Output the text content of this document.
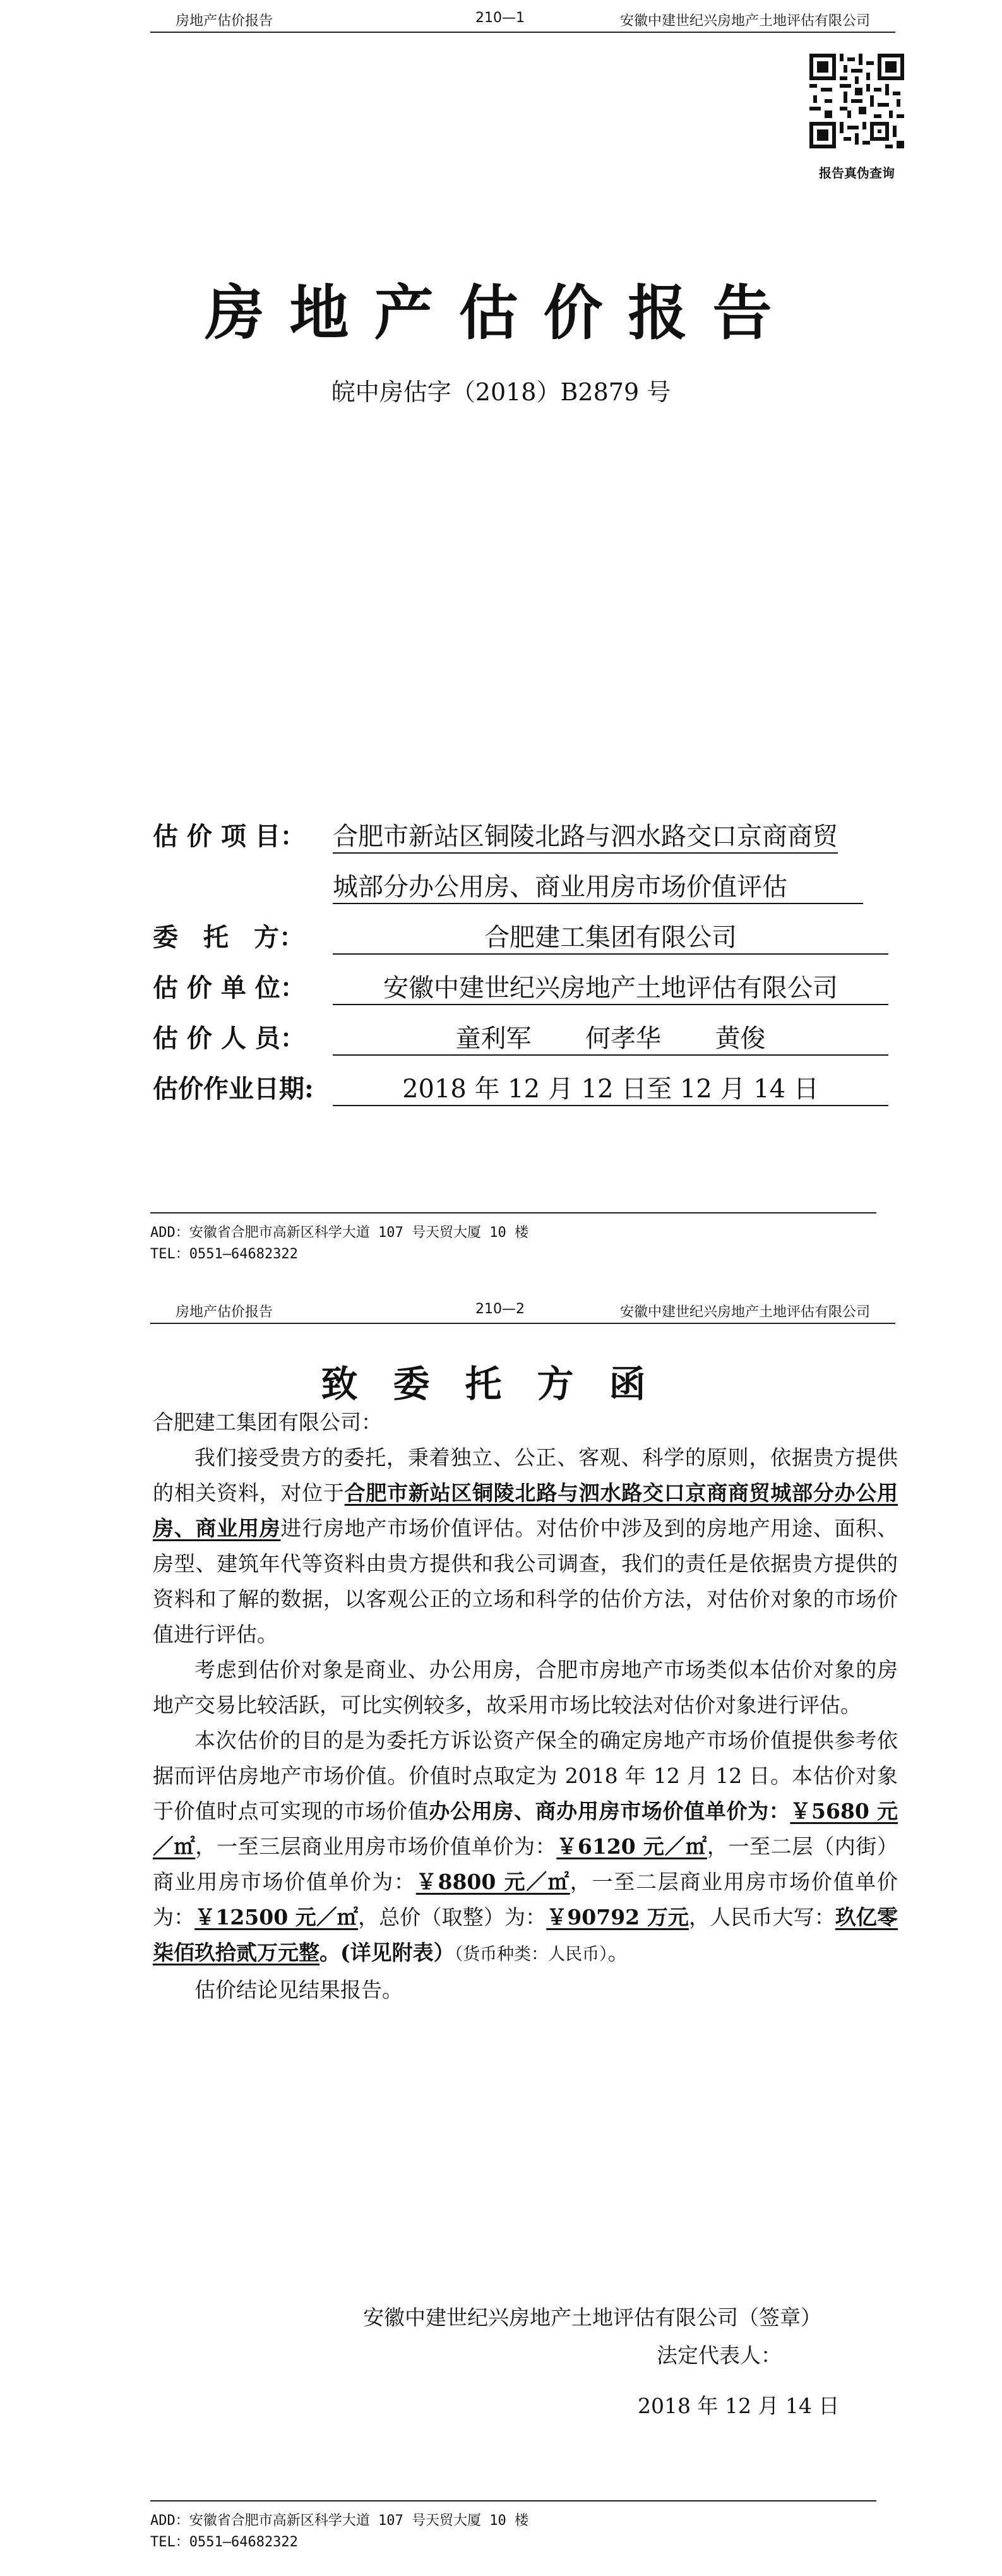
房地产估价报告	210—1	安徽中建世纪兴房地产土地评估有限公司
报告真伪查询
房地产估价报告
皖中房估字（2018）B2879 号
估 价 项 目： 合肥市新站区铜陵北路与泗水路交口京商商贸
城部分办公用房、商业用房市场价值评估
委　托　方：	合肥建工集团有限公司
估 价 单 位：	安徽中建世纪兴房地产土地评估有限公司
估 价 人 员：	童利军 何孝华 黄俊
估价作业日期:	2018 年 12 月 12 日至 12 月 14 日
ADD：安徽省合肥市高新区科学大道 107 号天贸大厦 10 楼
TEL：0551—64682322
房地产估价报告	210—2	安徽中建世纪兴房地产土地评估有限公司
致委托方函

合肥建工集团有限公司：

我们接受贵方的委托，秉着独立、公正、客观、科学的原则，依据贵方提供的相关资料，对位于合肥市新站区铜陵北路与泗水路交口京商商贸城部分办公用房、商业用房进行房地产市场价值评估。对估价中涉及到的房地产用途、面积、房型、建筑年代等资料由贵方提供和我公司调查，我们的责任是依据贵方提供的资料和了解的数据，以客观公正的立场和科学的估价方法，对估价对象的市场价值进行评估。

考虑到估价对象是商业、办公用房，合肥市房地产市场类似本估价对象的房地产交易比较活跃，可比实例较多，故采用市场比较法对估价对象进行评估。

本次估价的目的是为委托方诉讼资产保全的确定房地产市场价值提供参考依据而评估房地产市场价值。价值时点取定为 2018 年 12 月 12 日。本估价对象于价值时点可实现的市场价值办公用房、商办用房市场价值单价为：￥5680 元／㎡，一至三层商业用房市场价值单价为：￥6120 元／㎡，一至二层（内街）商业用房市场价值单价为：￥8800 元／㎡，一至二层商业用房市场价值单价为：￥12500 元／㎡，总价（取整）为：￥90792 万元，人民币大写：玖亿零柒佰玖拾贰万元整。(详见附表）（货币种类：人民币）。

估价结论见结果报告。

安徽中建世纪兴房地产土地评估有限公司（签章）
法定代表人：
2018 年 12 月 14 日
ADD：安徽省合肥市高新区科学大道 107 号天贸大厦 10 楼
TEL：0551—64682322
